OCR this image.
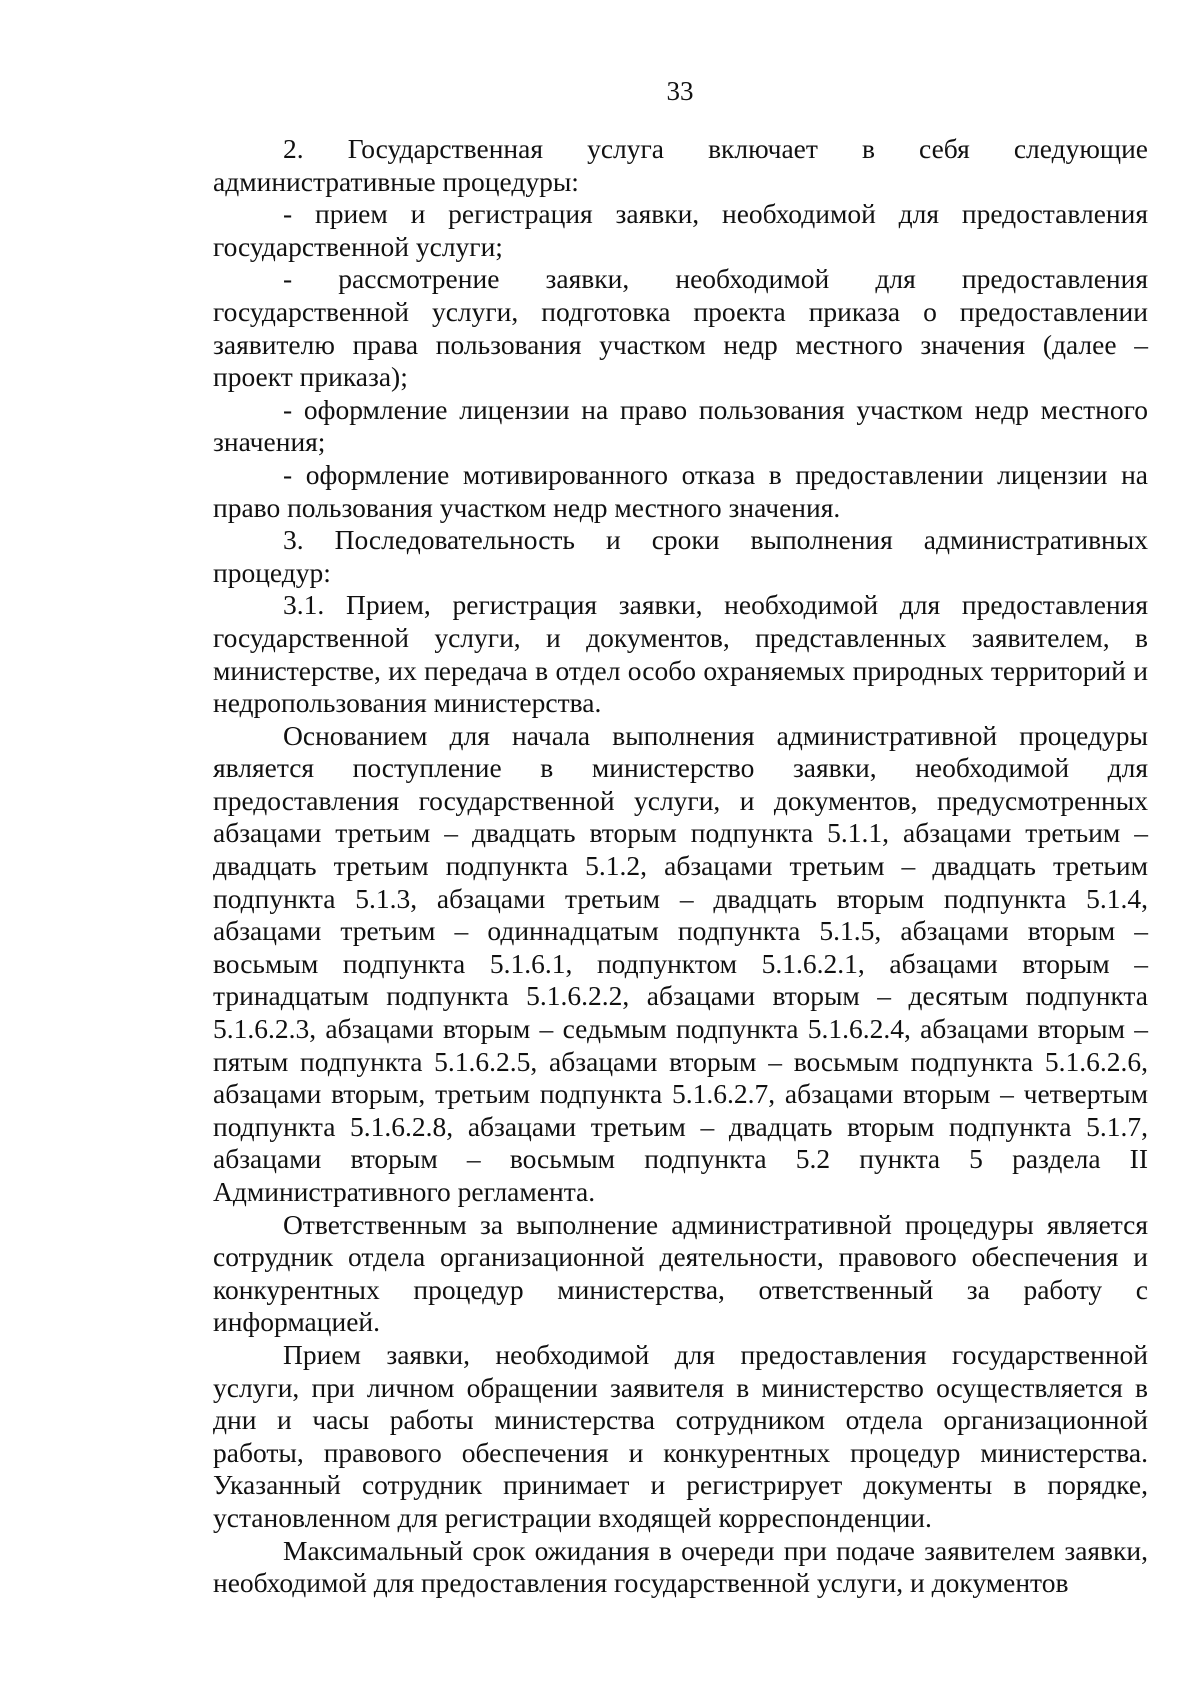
33

2. Государственная услуга включает в себя следующие административные процедуры:

- прием и регистрация заявки, необходимой для предоставления государственной услуги;

- рассмотрение заявки, необходимой для предоставления государственной услуги, подготовка проекта приказа о предоставлении заявителю права пользования участком недр местного значения (далее – проект приказа);

- оформление лицензии на право пользования участком недр местного значения;

- оформление мотивированного отказа в предоставлении лицензии на право пользования участком недр местного значения.

3. Последовательность и сроки выполнения административных процедур:

3.1. Прием, регистрация заявки, необходимой для предоставления государственной услуги, и документов, представленных заявителем, в министерстве, их передача в отдел особо охраняемых природных территорий и недропользования министерства.

Основанием для начала выполнения административной процедуры является поступление в министерство заявки, необходимой для предоставления государственной услуги, и документов, предусмотренных абзацами третьим – двадцать вторым подпункта 5.1.1, абзацами третьим – двадцать третьим подпункта 5.1.2, абзацами третьим – двадцать третьим подпункта 5.1.3, абзацами третьим – двадцать вторым подпункта 5.1.4, абзацами третьим – одиннадцатым подпункта 5.1.5, абзацами вторым – восьмым подпункта 5.1.6.1, подпунктом 5.1.6.2.1, абзацами вторым – тринадцатым подпункта 5.1.6.2.2, абзацами вторым – десятым подпункта 5.1.6.2.3, абзацами вторым – седьмым подпункта 5.1.6.2.4, абзацами вторым – пятым подпункта 5.1.6.2.5, абзацами вторым – восьмым подпункта 5.1.6.2.6, абзацами вторым, третьим подпункта 5.1.6.2.7, абзацами вторым – четвертым подпункта 5.1.6.2.8, абзацами третьим – двадцать вторым подпункта 5.1.7, абзацами вторым – восьмым подпункта 5.2 пункта 5 раздела II Административного регламента.

Ответственным за выполнение административной процедуры является сотрудник отдела организационной деятельности, правового обеспечения и конкурентных процедур министерства, ответственный за работу с информацией.

Прием заявки, необходимой для предоставления государственной услуги, при личном обращении заявителя в министерство осуществляется в дни и часы работы министерства сотрудником отдела организационной работы, правового обеспечения и конкурентных процедур министерства. Указанный сотрудник принимает и регистрирует документы в порядке, установленном для регистрации входящей корреспонденции.

Максимальный срок ожидания в очереди при подаче заявителем заявки, необходимой для предоставления государственной услуги, и документов
